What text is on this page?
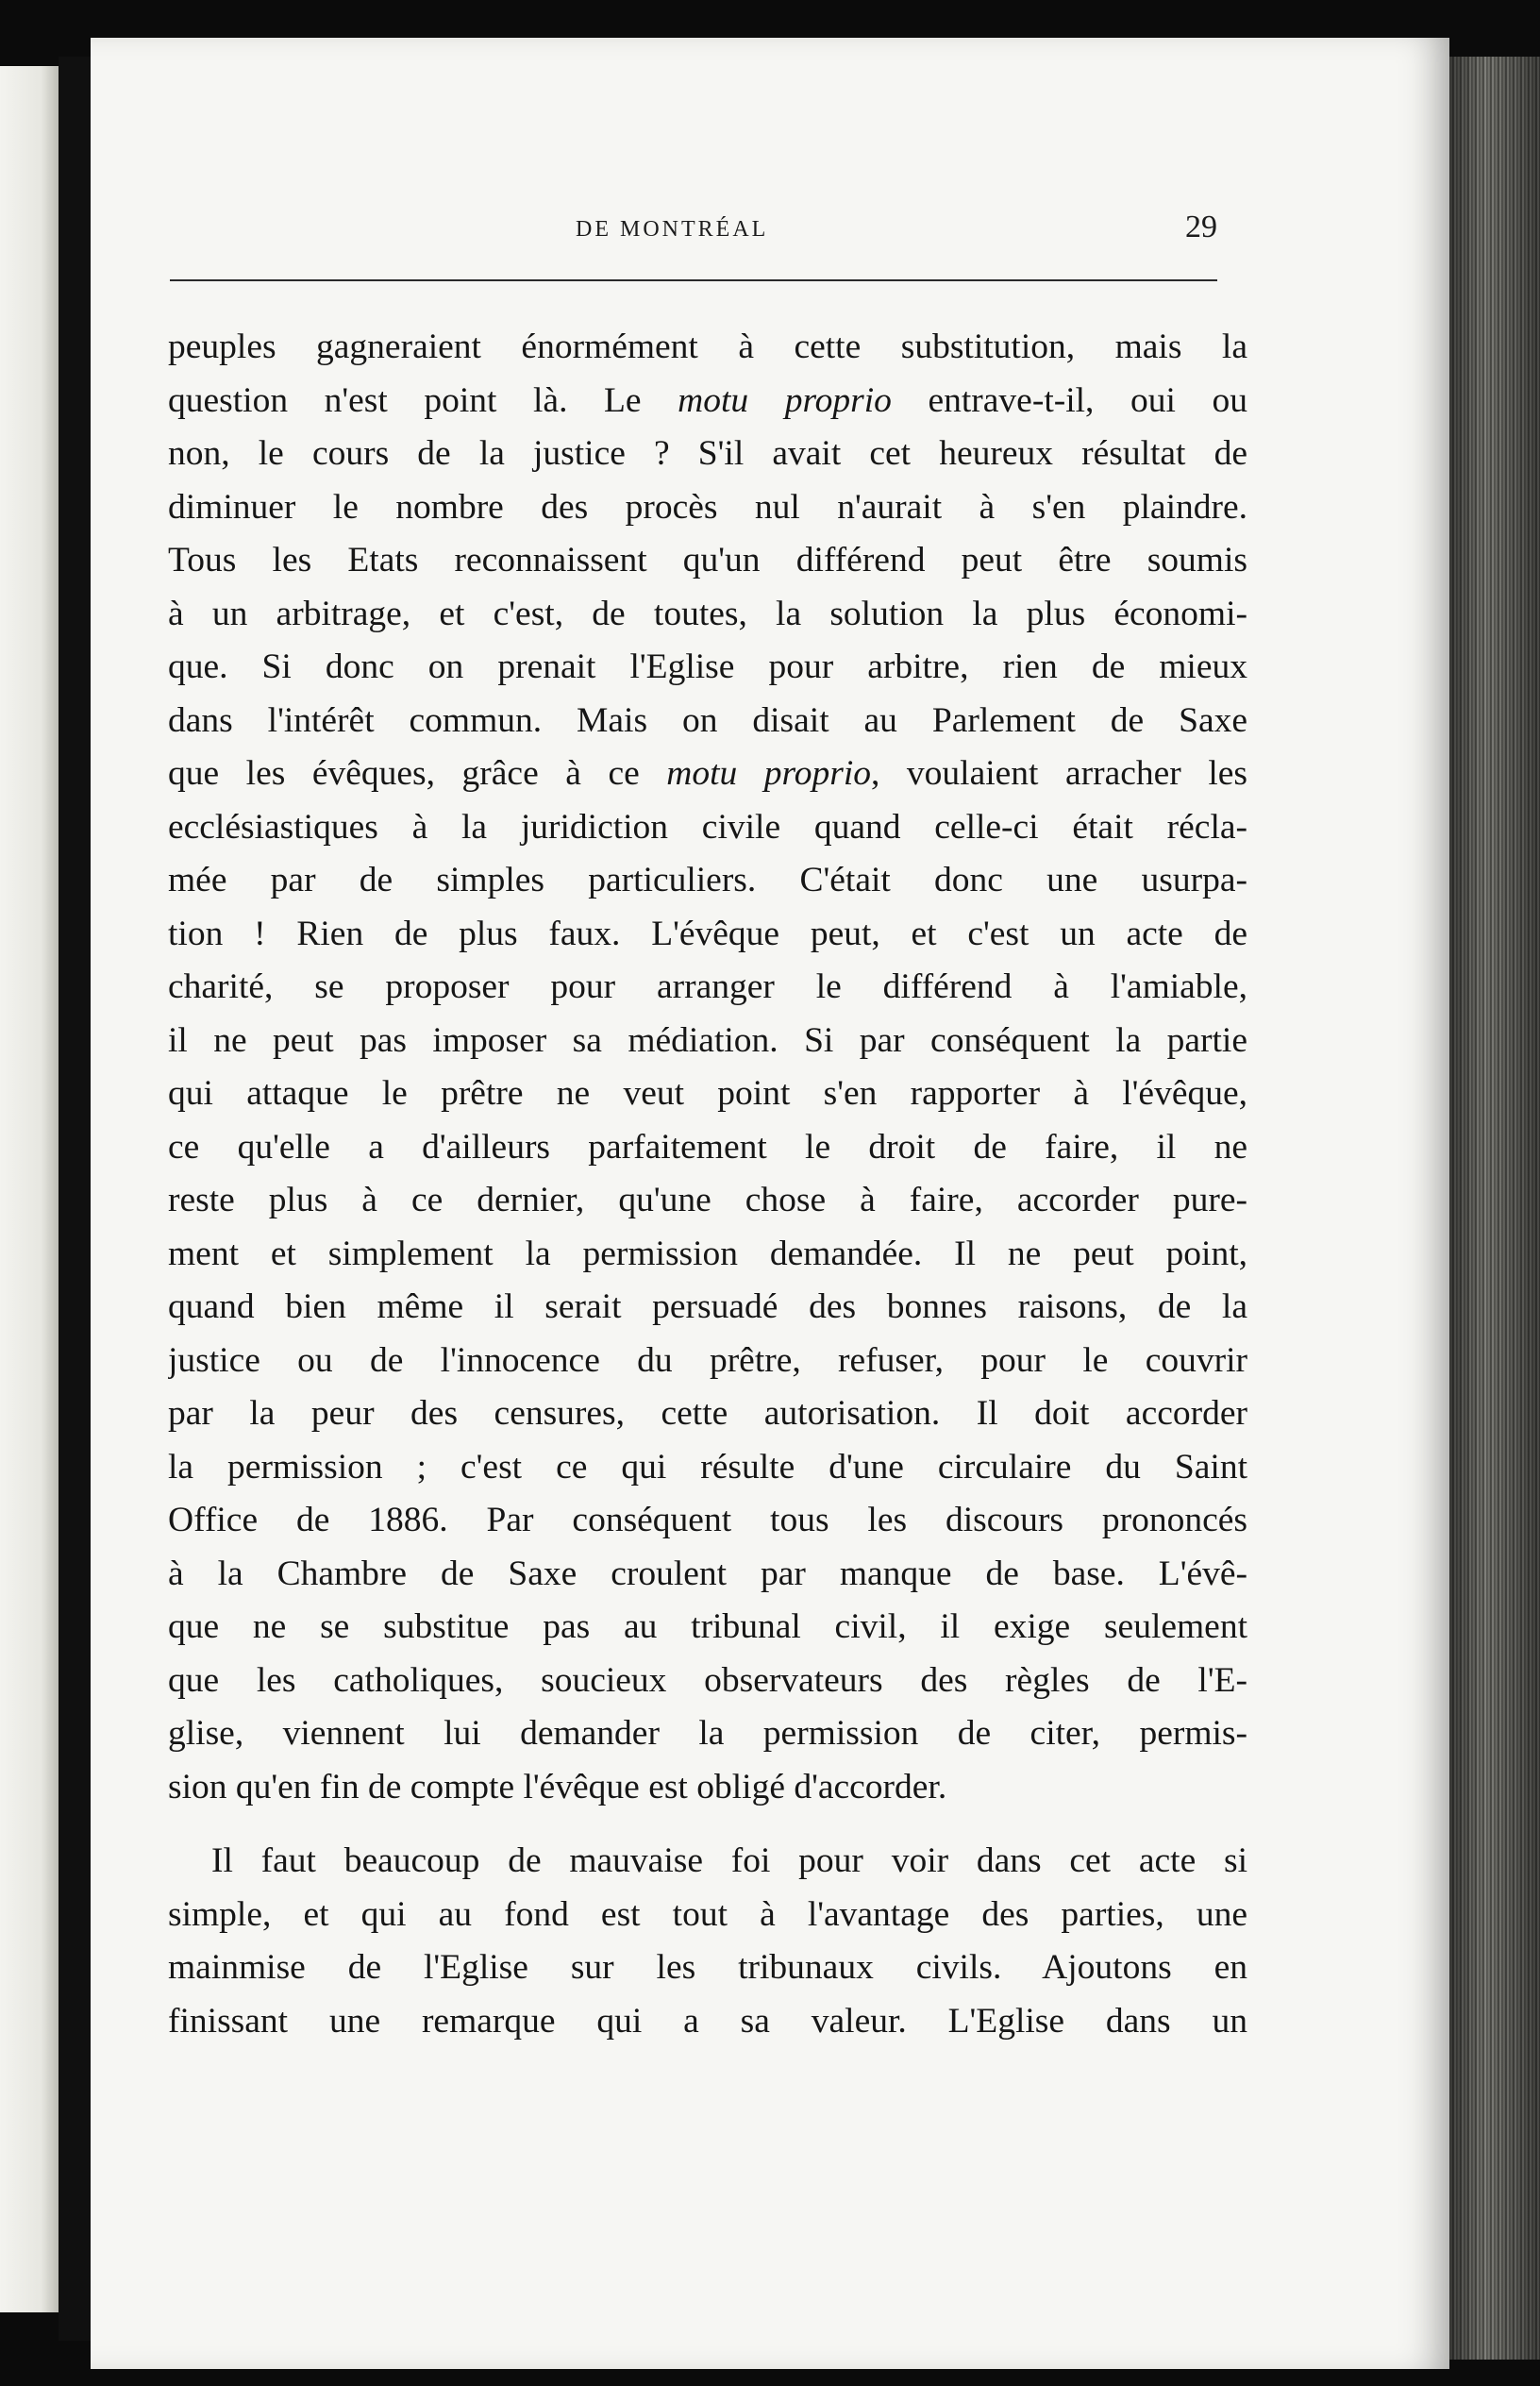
DE MONTRÉAL	29
peuples gagneraient énormément à cette substitution, mais la
question n'est point là. Le motu proprio entrave-t-il, oui ou
non, le cours de la justice ? S'il avait cet heureux résultat de
diminuer le nombre des procès nul n'aurait à s'en plaindre.
Tous les Etats reconnaissent qu'un différend peut être soumis
à un arbitrage, et c'est, de toutes, la solution la plus économi-
que. Si donc on prenait l'Eglise pour arbitre, rien de mieux
dans l'intérêt commun. Mais on disait au Parlement de Saxe
que les évêques, grâce à ce motu proprio, voulaient arracher les
ecclésiastiques à la juridiction civile quand celle-ci était récla-
mée par de simples particuliers. C'était donc une usurpa-
tion ! Rien de plus faux. L'évêque peut, et c'est un acte de
charité, se proposer pour arranger le différend à l'amiable,
il ne peut pas imposer sa médiation. Si par conséquent la partie
qui attaque le prêtre ne veut point s'en rapporter à l'évêque,
ce qu'elle a d'ailleurs parfaitement le droit de faire, il ne
reste plus à ce dernier, qu'une chose à faire, accorder pure-
ment et simplement la permission demandée. Il ne peut point,
quand bien même il serait persuadé des bonnes raisons, de la
justice ou de l'innocence du prêtre, refuser, pour le couvrir
par la peur des censures, cette autorisation. Il doit accorder
la permission ; c'est ce qui résulte d'une circulaire du Saint
Office de 1886. Par conséquent tous les discours prononcés
à la Chambre de Saxe croulent par manque de base. L'évê-
que ne se substitue pas au tribunal civil, il exige seulement
que les catholiques, soucieux observateurs des règles de l'E-
glise, viennent lui demander la permission de citer, permis-
sion qu'en fin de compte l'évêque est obligé d'accorder.
Il faut beaucoup de mauvaise foi pour voir dans cet acte si
simple, et qui au fond est tout à l'avantage des parties, une
mainmise de l'Eglise sur les tribunaux civils. Ajoutons en
finissant une remarque qui a sa valeur. L'Eglise dans un
